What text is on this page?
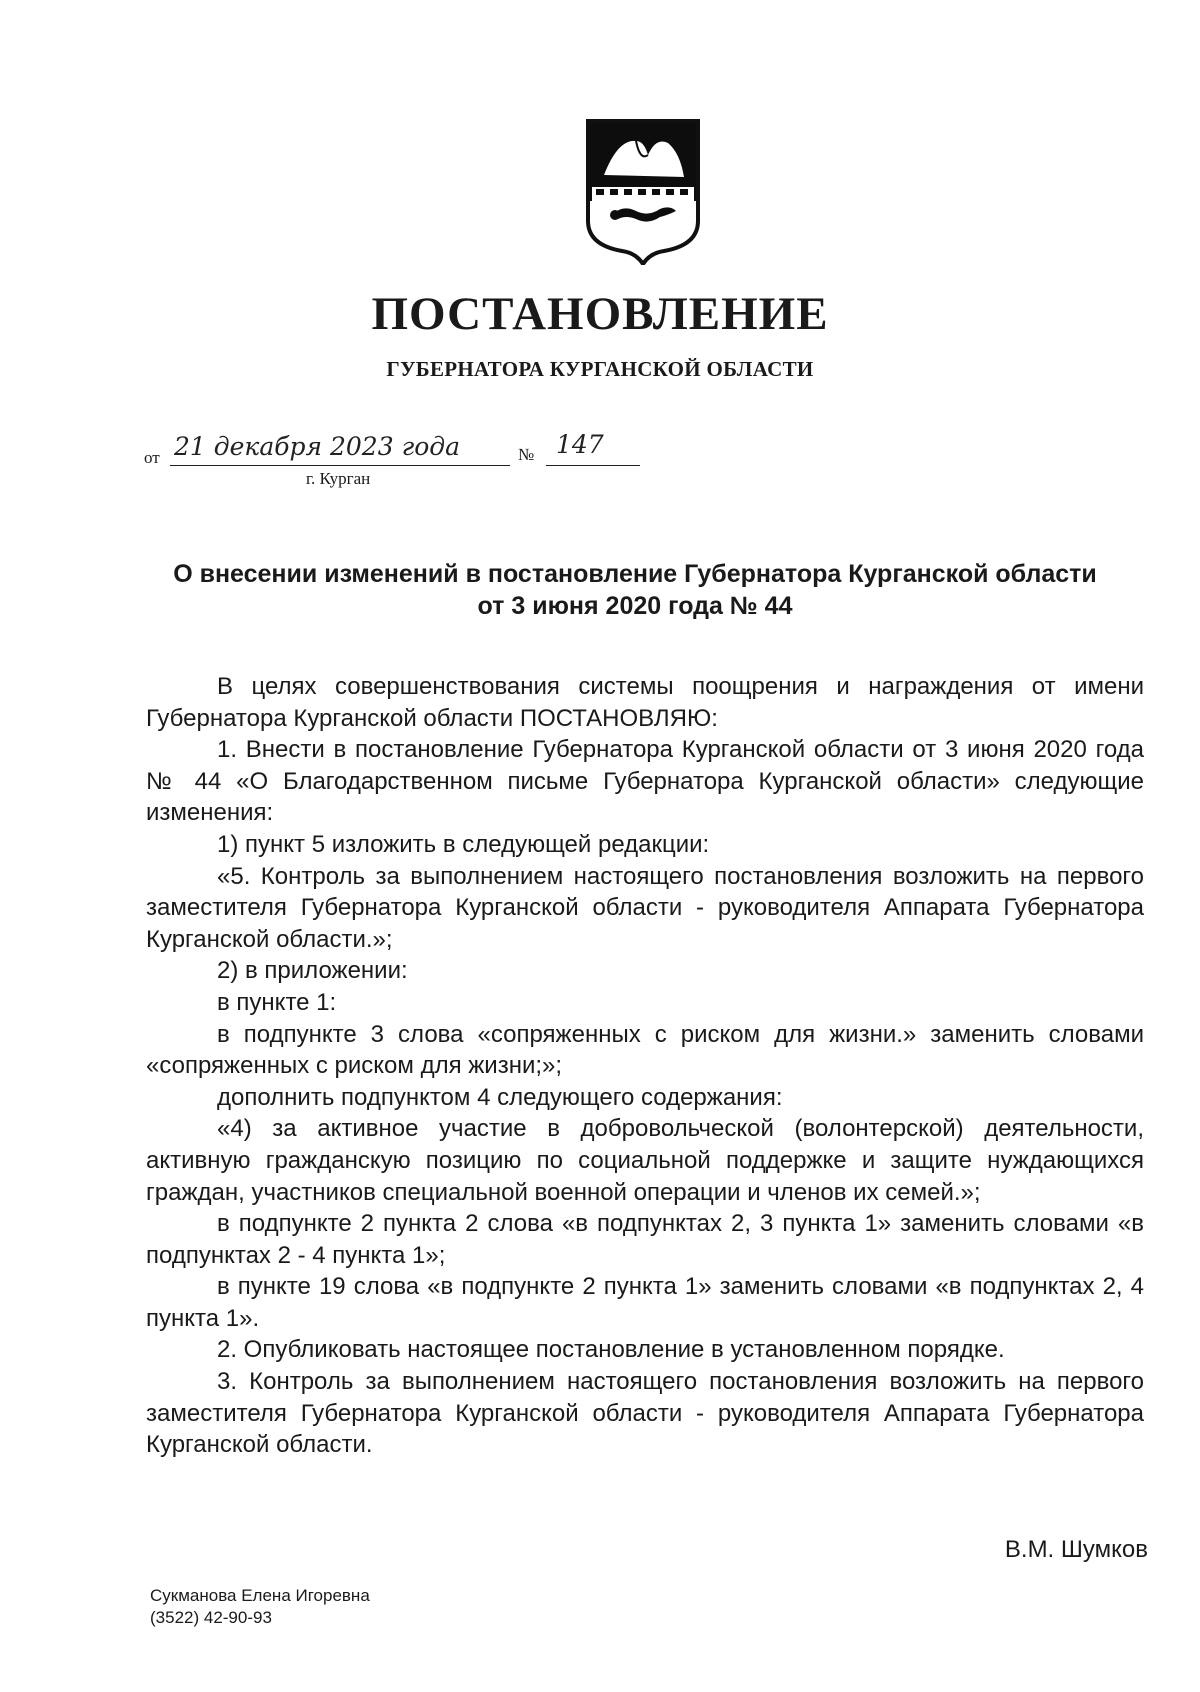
ПОСТАНОВЛЕНИЕ
ГУБЕРНАТОРА КУРГАНСКОЙ ОБЛАСТИ
от 21 декабря 2023 года	№ 147
г. Курган
О внесении изменений в постановление Губернатора Курганской области
от 3 июня 2020 года № 44

В целях совершенствования системы поощрения и награждения от имени Губернатора Курганской области ПОСТАНОВЛЯЮ:

1. Внести в постановление Губернатора Курганской области от 3 июня 2020 года № 44 «О Благодарственном письме Губернатора Курганской области» следующие изменения:

1) пункт 5 изложить в следующей редакции:

«5. Контроль за выполнением настоящего постановления возложить на первого заместителя Губернатора Курганской области - руководителя Аппарата Губернатора Курганской области.»;

2) в приложении:

в пункте 1:

в подпункте 3 слова «сопряженных с риском для жизни.» заменить словами «сопряженных с риском для жизни;»;

дополнить подпунктом 4 следующего содержания:

«4) за активное участие в добровольческой (волонтерской) деятельности, активную гражданскую позицию по социальной поддержке и защите нуждающихся граждан, участников специальной военной операции и членов их семей.»;

в подпункте 2 пункта 2 слова «в подпунктах 2, 3 пункта 1» заменить словами «в подпунктах 2 - 4 пункта 1»;

в пункте 19 слова «в подпункте 2 пункта 1» заменить словами «в подпунктах 2, 4 пункта 1».

2. Опубликовать настоящее постановление в установленном порядке.

3. Контроль за выполнением настоящего постановления возложить на первого заместителя Губернатора Курганской области - руководителя Аппарата Губернатора Курганской области.

В.М. Шумков
Сукманова Елена Игоревна
(3522) 42-90-93
